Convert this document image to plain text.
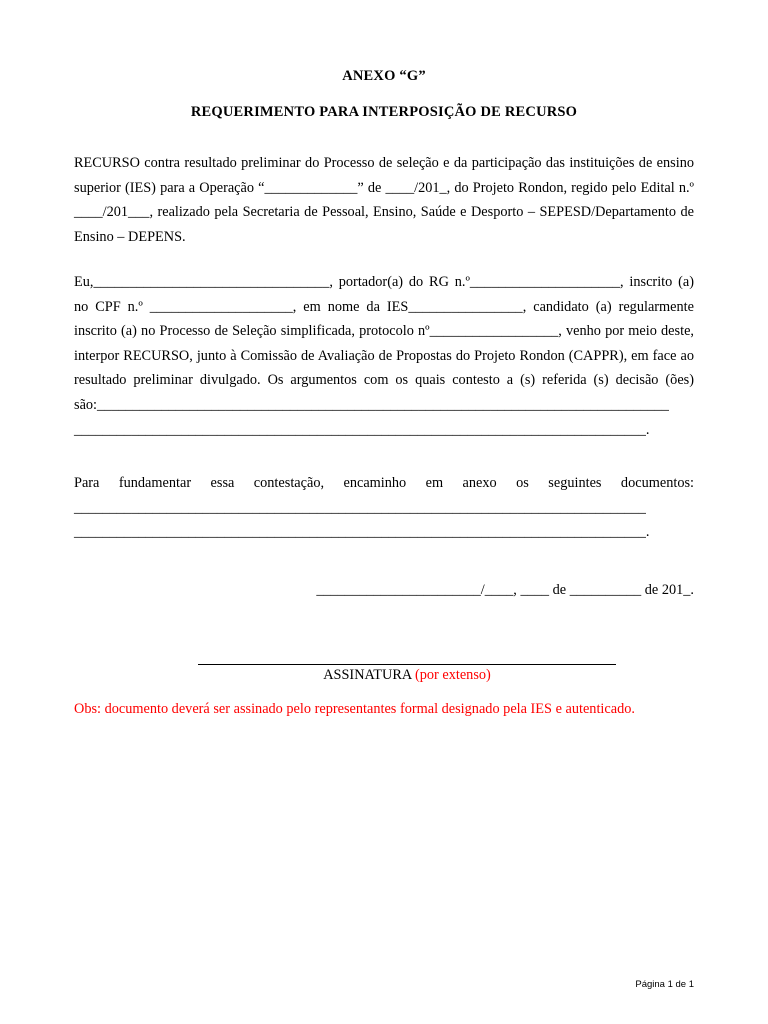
ANEXO “G”
REQUERIMENTO PARA INTERPOSIÇÃO DE RECURSO
RECURSO contra resultado preliminar do Processo de seleção e da participação das instituições de ensino superior (IES) para a Operação “_____________” de ____/201_, do Projeto Rondon, regido pelo Edital n.º ____/201___, realizado pela Secretaria de Pessoal, Ensino, Saúde e Desporto – SEPESD/Departamento de Ensino – DEPENS.
Eu,_________________________________, portador(a) do RG n.º_____________________, inscrito (a) no CPF n.º ____________________, em nome da IES________________, candidato (a) regularmente inscrito (a) no Processo de Seleção simplificada, protocolo nº__________________, venho por meio deste, interpor RECURSO, junto à Comissão de Avaliação de Propostas do Projeto Rondon (CAPPR), em face ao resultado preliminar divulgado. Os argumentos com os quais contesto a (s) referida (s) decisão (ões) são:________________________________________________________________________________ ________________________________________________________________________________.
Para fundamentar essa contestação, encaminho em anexo os seguintes documentos: ________________________________________________________________________________ ________________________________________________________________________________.
_______________________/____, ____ de __________ de 201_.
ASSINATURA (por extenso)
Obs: documento deverá ser assinado pelo representantes formal designado pela IES e autenticado.
Página 1 de 1
